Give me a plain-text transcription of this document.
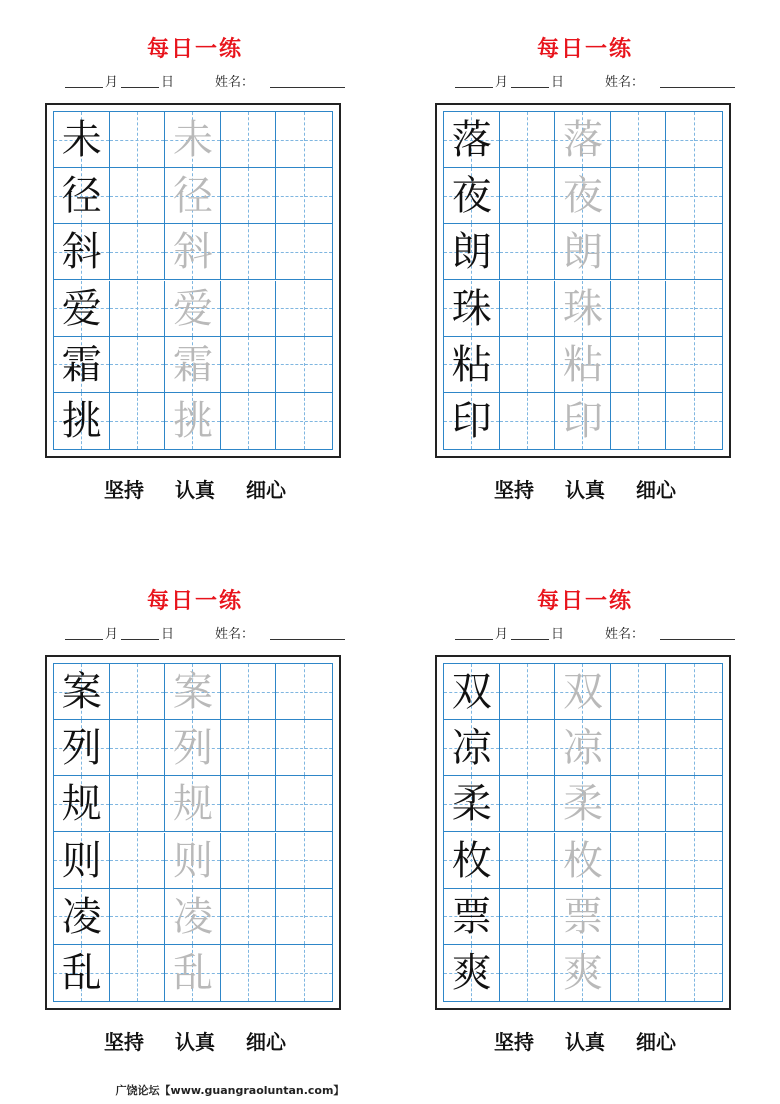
每日一练
月	日	姓名：
未 未
径 径
斜 斜
爱 爱
霜 霜
挑 挑
坚持 认真 细心
每日一练
月	日	姓名：
落 落
夜 夜
朗 朗
珠 珠
粘 粘
印 印
坚持 认真 细心
每日一练
月	日	姓名：
案 案
列 列
规 规
则 则
凌 凌
乱 乱
坚持 认真 细心
每日一练
月	日	姓名：
双 双
凉 凉
柔 柔
枚 枚
票 票
爽 爽
坚持 认真 细心
广饶论坛【www.guangraoluntan.com】
